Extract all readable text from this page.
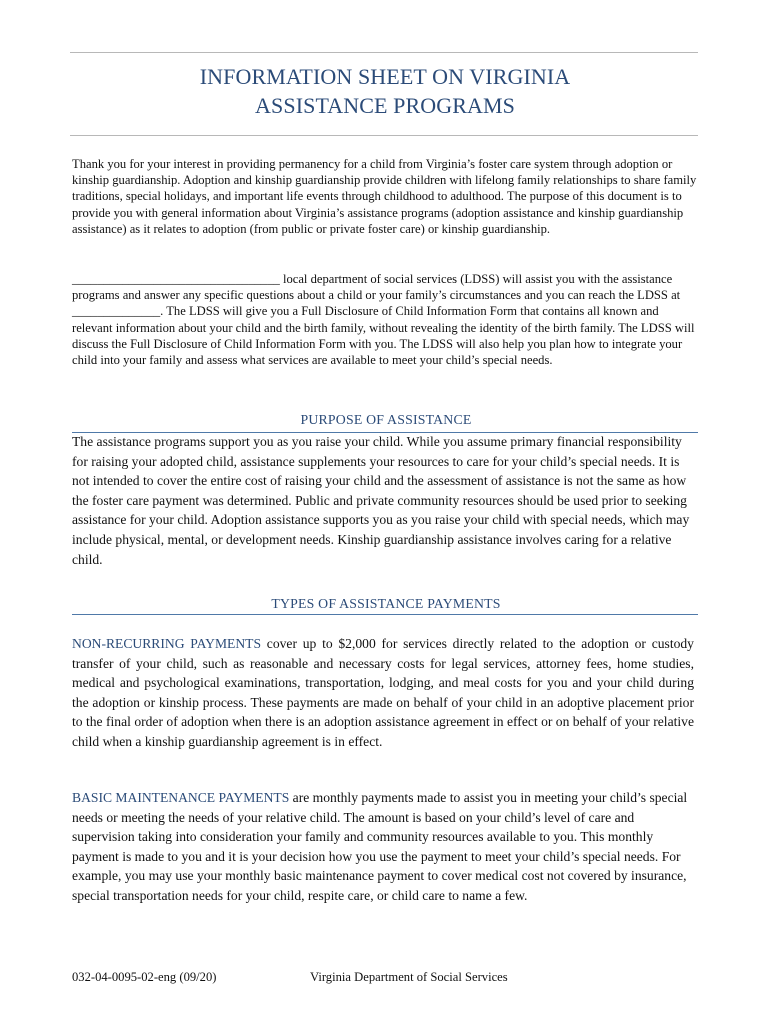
INFORMATION SHEET ON VIRGINIA
ASSISTANCE PROGRAMS

Thank you for your interest in providing permanency for a child from Virginia’s foster care system through adoption or kinship guardianship. Adoption and kinship guardianship provide children with lifelong family relationships to share family traditions, special holidays, and important life events through childhood to adulthood. The purpose of this document is to provide you with general information about Virginia’s assistance programs (adoption assistance and kinship guardianship assistance) as it relates to adoption (from public or private foster care) or kinship guardianship.

_________________________________ local department of social services (LDSS) will assist you with the assistance programs and answer any specific questions about a child or your family’s circumstances and you can reach the LDSS at ______________. The LDSS will give you a Full Disclosure of Child Information Form that contains all known and relevant information about your child and the birth family, without revealing the identity of the birth family. The LDSS will discuss the Full Disclosure of Child Information Form with you. The LDSS will also help you plan how to integrate your child into your family and assess what services are available to meet your child’s special needs.

PURPOSE OF ASSISTANCE

The assistance programs support you as you raise your child. While you assume primary financial responsibility for raising your adopted child, assistance supplements your resources to care for your child’s special needs. It is not intended to cover the entire cost of raising your child and the assessment of assistance is not the same as how the foster care payment was determined. Public and private community resources should be used prior to seeking assistance for your child. Adoption assistance supports you as you raise your child with special needs, which may include physical, mental, or development needs. Kinship guardianship assistance involves caring for a relative child.

TYPES OF ASSISTANCE PAYMENTS

NON-RECURRING PAYMENTS cover up to $2,000 for services directly related to the adoption or custody transfer of your child, such as reasonable and necessary costs for legal services, attorney fees, home studies, medical and psychological examinations, transportation, lodging, and meal costs for you and your child during the adoption or kinship process. These payments are made on behalf of your child in an adoptive placement prior to the final order of adoption when there is an adoption assistance agreement in effect or on behalf of your relative child when a kinship guardianship agreement is in effect.

BASIC MAINTENANCE PAYMENTS are monthly payments made to assist you in meeting your child’s special needs or meeting the needs of your relative child. The amount is based on your child’s level of care and supervision taking into consideration your family and community resources available to you. This monthly payment is made to you and it is your decision how you use the payment to meet your child’s special needs. For example, you may use your monthly basic maintenance payment to cover medical cost not covered by insurance, special transportation needs for your child, respite care, or child care to name a few.

032-04-0095-02-eng (09/20)	Virginia Department of Social Services
